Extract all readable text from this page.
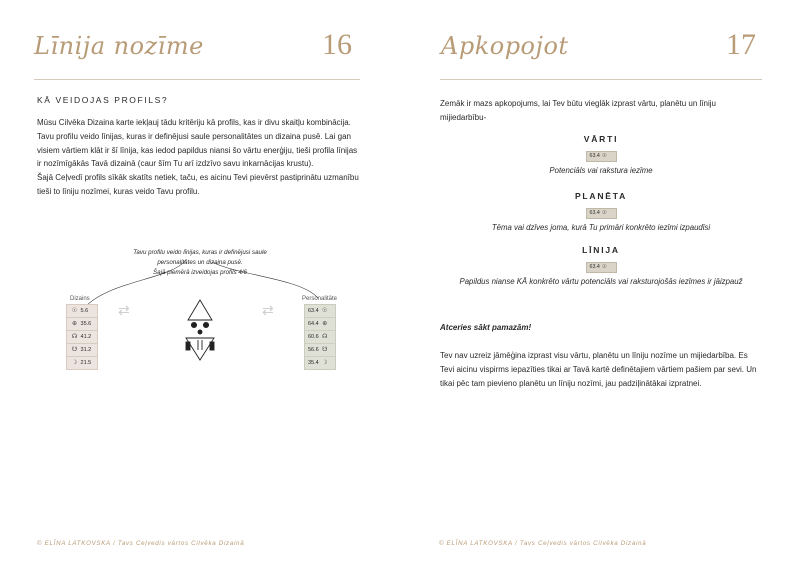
Līnija nozīme	16
KĀ VEIDOJAS PROFILS?

Mūsu Cilvēka Dizaina karte iekļauj tādu kritēriju kā profils, kas ir divu skaitļu kombinācija.

Tavu profilu veido līnijas, kuras ir definējusi saule personalitātes un dizaina pusē. Lai gan visiem vārtiem klāt ir šī līnija, kas iedod papildus niansi šo vārtu enerģiju, tieši profila līnijas ir nozīmīgākās Tavā dizainā (caur šīm Tu arī izdzīvo savu inkarnācijas krustu).

Šajā Ceļvedī profils sīkāk skatīts netiek, taču, es aicinu Tevi pievērst pastiprinātu uzmanību tieši to līniju nozīmei, kuras veido Tavu profilu.

Tavu profilu veido līnijas, kuras ir definējusi saule
personalitātes un dizaina pusē.
Šajā piemērā izveidojas profils 4/6
Dizains
☉ 5.6
⊕ 35.6
☊ 41.2
☋ 31.2
☽ 21.5
⇄	⇄
Personalitāte
63.4 ☉
64.4 ⊕
60.6 ☊
56.6 ☋
35.4 ☽
© ELĪNA LATKOVSKA / Tavs Ceļvedis vārtos Cilvēka Dizainā
Apkopojot	17
Zemāk ir mazs apkopojums, lai Tev būtu vieglāk izprast vārtu, planētu un līniju mijiedarbību-
VĀRTI
63.4 ☉
Potenciāls vai rakstura iezīme
PLANĒTA
63.4 ☉
Tēma vai dzīves joma, kurā Tu primāri konkrēto iezīmi izpaudīsi
LĪNIJA
63.4 ☉
Papildus nianse KĀ konkrēto vārtu potenciāls vai raksturojošās iezīmes ir jāizpauž
Atceries sākt pamazām!
Tev nav uzreiz jāmēģina izprast visu vārtu, planētu un līniju nozīme un mijiedarbība. Es Tevi aicinu vispirms iepazīties tikai ar Tavā kartē definētajiem vārtiem pašiem par sevi. Un tikai pēc tam pievieno planētu un līniju nozīmi, jau padziļinātākai izpratnei.
© ELĪNA LATKOVSKA / Tavs Ceļvedis vārtos Cilvēka Dizainā
